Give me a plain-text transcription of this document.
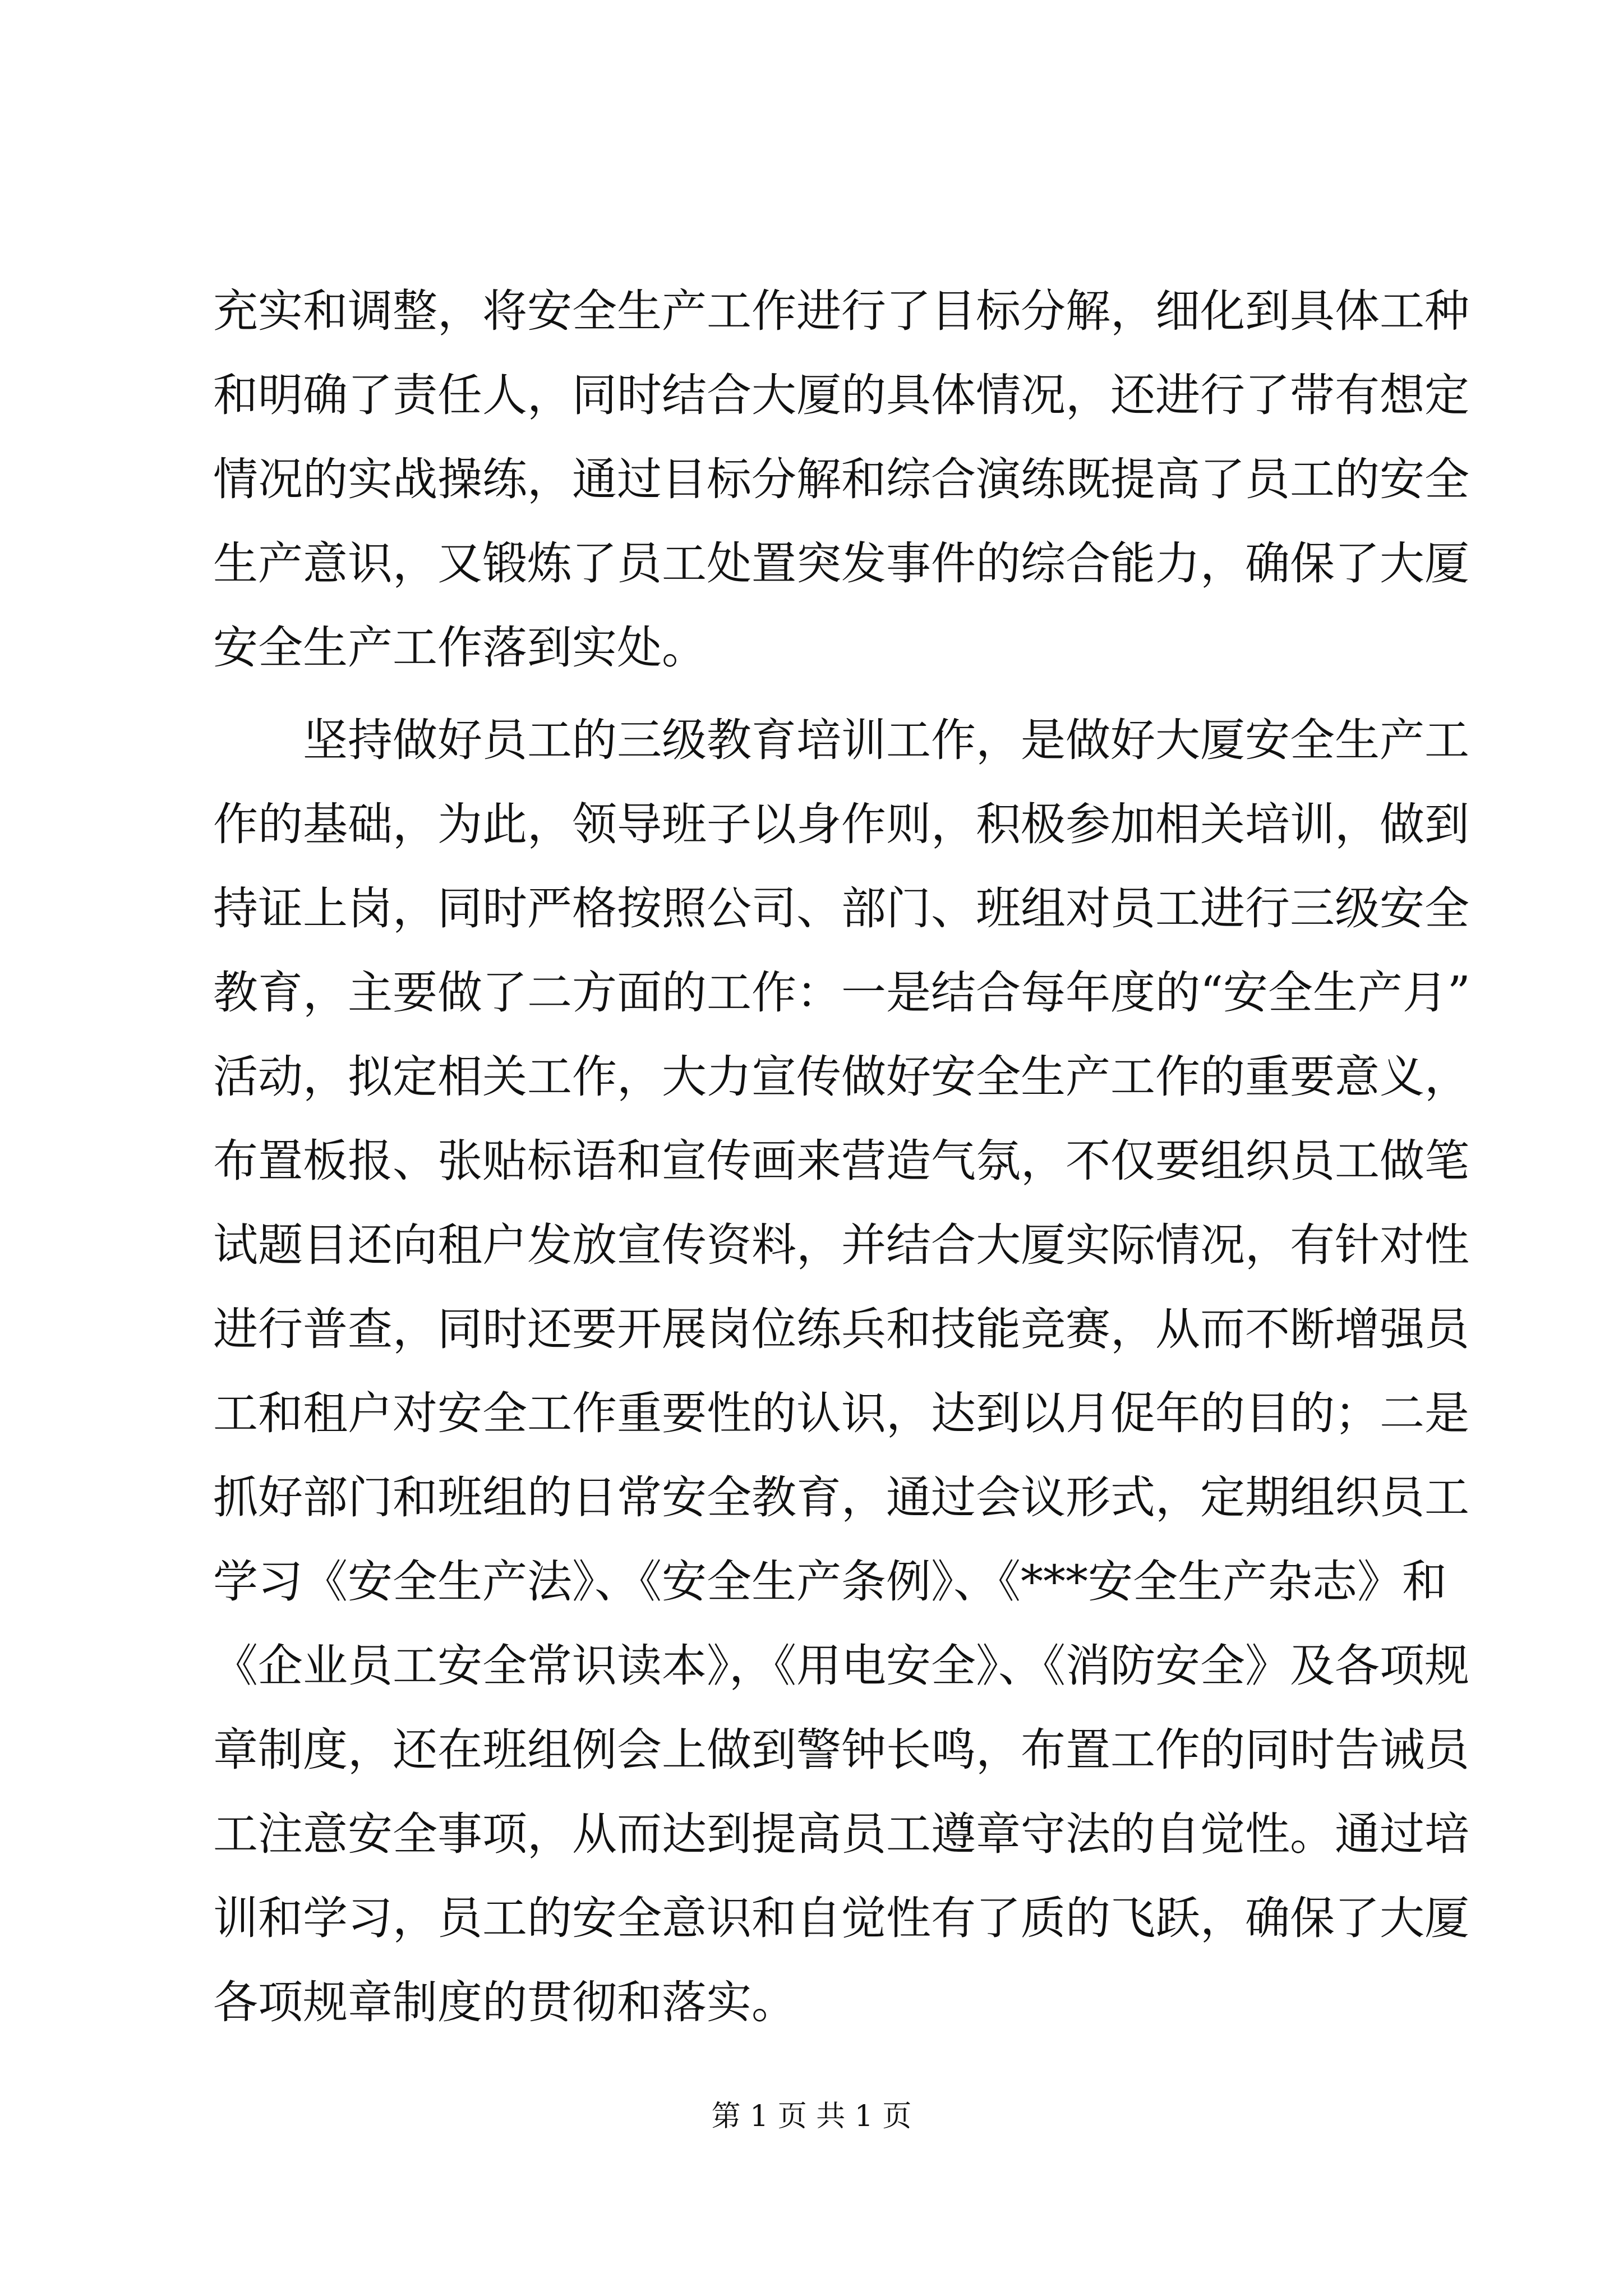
充实和调整，将安全生产工作进行了目标分解，细化到具体工种
和明确了责任人，同时结合大厦的具体情况，还进行了带有想定
情况的实战操练，通过目标分解和综合演练既提高了员工的安全
生产意识，又锻炼了员工处置突发事件的综合能力，确保了大厦
安全生产工作落到实处。
坚持做好员工的三级教育培训工作，是做好大厦安全生产工
作的基础，为此，领导班子以身作则，积极参加相关培训，做到
持证上岗，同时严格按照公司、部门、班组对员工进行三级安全
教育，主要做了二方面的工作：一是结合每年度的“安全生产月”
活动，拟定相关工作，大力宣传做好安全生产工作的重要意义，
布置板报、张贴标语和宣传画来营造气氛，不仅要组织员工做笔
试题目还向租户发放宣传资料，并结合大厦实际情况，有针对性
进行普查，同时还要开展岗位练兵和技能竞赛，从而不断增强员
工和租户对安全工作重要性的认识，达到以月促年的目的；二是
抓好部门和班组的日常安全教育，通过会议形式，定期组织员工
学习《安全生产法》、《安全生产条例》、《***安全生产杂志》和
《企业员工安全常识读本》，《用电安全》、《消防安全》及各项规
章制度，还在班组例会上做到警钟长鸣，布置工作的同时告诫员
工注意安全事项，从而达到提高员工遵章守法的自觉性。通过培
训和学习，员工的安全意识和自觉性有了质的飞跃，确保了大厦
各项规章制度的贯彻和落实。
第 1 页 共 1 页
